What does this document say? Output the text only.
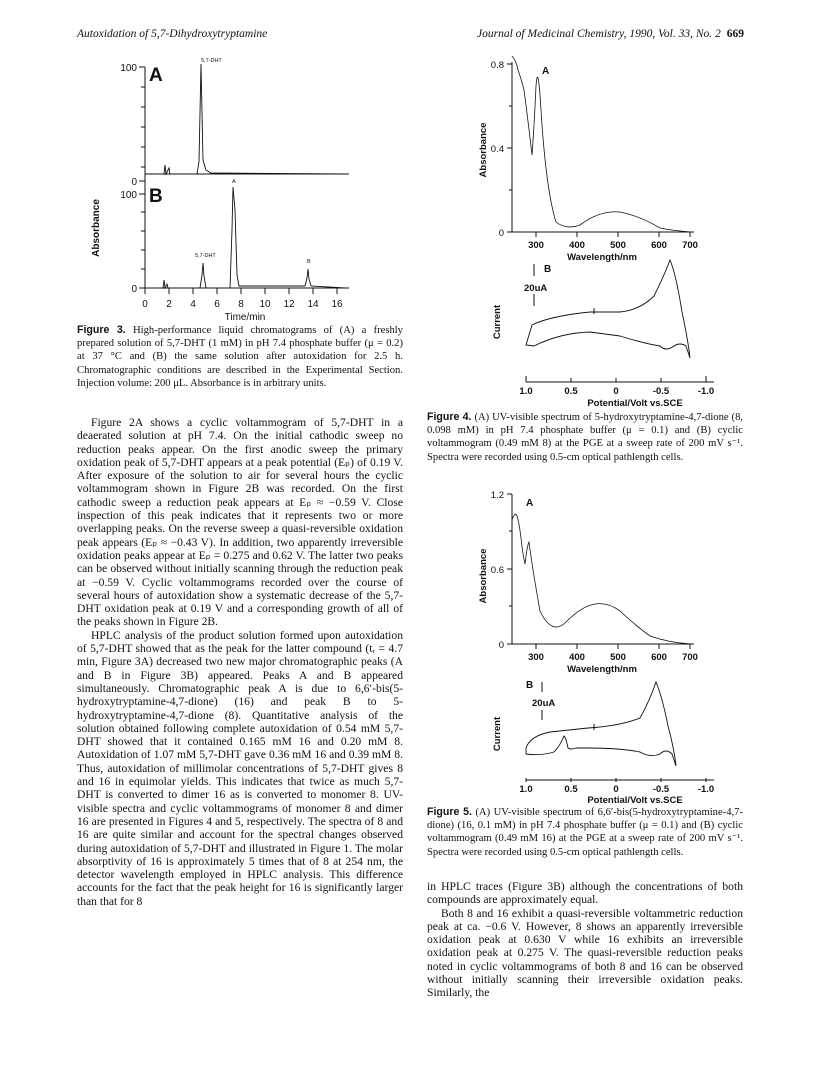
Autoxidation of 5,7-Dihydroxytryptamine	Journal of Medicinal Chemistry, 1990, Vol. 33, No. 2 669
Absorbance
100
0
A
5,7-DHT
100
0
B
5,7-DHT
A
B
0 2 4 6 8 10 12 14 16
Time/min
Figure 3. High-performance liquid chromatograms of (A) a freshly prepared solution of 5,7-DHT (1 mM) in pH 7.4 phosphate buffer (μ = 0.2) at 37 °C and (B) the same solution after autoxidation for 2.5 h. Chromatographic conditions are described in the Experimental Section. Injection volume: 200 μL. Absorbance is in arbitrary units.

Figure 2A shows a cyclic voltammogram of 5,7-DHT in a deaerated solution at pH 7.4. On the initial cathodic sweep no reduction peaks appear. On the first anodic sweep the primary oxidation peak of 5,7-DHT appears at a peak potential (Eₚ) of 0.19 V. After exposure of the solution to air for several hours the cyclic voltammogram shown in Figure 2B was recorded. On the first cathodic sweep a reduction peak appears at Eₚ ≈ −0.59 V. Close inspection of this peak indicates that it represents two or more overlapping peaks. On the reverse sweep a quasi-reversible oxidation peak appears (Eₚ ≈ −0.43 V). In addition, two apparently irreversible oxidation peaks appear at Eₚ = 0.275 and 0.62 V. The latter two peaks can be observed without initially scanning through the reduction peak at −0.59 V. Cyclic voltammograms recorded over the course of several hours of autoxidation show a systematic decrease of the 5,7-DHT oxidation peak at 0.19 V and a corresponding growth of all of the peaks shown in Figure 2B.

HPLC analysis of the product solution formed upon autoxidation of 5,7-DHT showed that as the peak for the latter compound (tᵣ = 4.7 min, Figure 3A) decreased two new major chromatographic peaks (A and B in Figure 3B) appeared. Peaks A and B appeared simultaneously. Chromatographic peak A is due to 6,6′-bis(5-hydroxytryptamine-4,7-dione) (16) and peak B to 5-hydroxytryptamine-4,7-dione (8). Quantitative analysis of the solution obtained following complete autoxidation of 0.54 mM 5,7-DHT showed that it contained 0.165 mM 16 and 0.20 mM 8. Autoxidation of 1.07 mM 5,7-DHT gave 0.36 mM 16 and 0.39 mM 8. Thus, autoxidation of millimolar concentrations of 5,7-DHT gives 8 and 16 in equimolar yields. This indicates that twice as much 5,7-DHT is converted to dimer 16 as is converted to monomer 8. UV-visible spectra and cyclic voltammograms of monomer 8 and dimer 16 are presented in Figures 4 and 5, respectively. The spectra of 8 and 16 are quite similar and account for the spectral changes observed during autoxidation of 5,7-DHT and illustrated in Figure 1. The molar absorptivity of 16 is approximately 5 times that of 8 at 254 nm, the detector wavelength employed in HPLC analysis. This difference accounts for the fact that the peak height for 16 is significantly larger than that for 8

Absorbance
0.8
0.4
0
A
300	400	500	600 700
Wavelength/nm
B
20uA
Current
1.0	0.5	0	-0.5	-1.0
Potential/Volt vs.SCE
Figure 4. (A) UV-visible spectrum of 5-hydroxytryptamine-4,7-dione (8, 0.098 mM) in pH 7.4 phosphate buffer (μ = 0.1) and (B) cyclic voltammogram (0.49 mM 8) at the PGE at a sweep rate of 200 mV s⁻¹. Spectra were recorded using 0.5-cm optical pathlength cells.
Absorbance
1.2
0.6
0
A
300	400	500	600 700
Wavelength/nm
B
20uA
Current
1.0	0.5	0	-0.5	-1.0
Potential/Volt vs.SCE
Figure 5. (A) UV-visible spectrum of 6,6′-bis(5-hydroxytryptamine-4,7-dione) (16, 0.1 mM) in pH 7.4 phosphate buffer (μ = 0.1) and (B) cyclic voltammogram (0.49 mM 16) at the PGE at a sweep rate of 200 mV s⁻¹. Spectra were recorded using 0.5-cm optical pathlength cells.

in HPLC traces (Figure 3B) although the concentrations of both compounds are approximately equal.

Both 8 and 16 exhibit a quasi-reversible voltammetric reduction peak at ca. −0.6 V. However, 8 shows an apparently irreversible oxidation peak at 0.630 V while 16 exhibits an irreversible oxidation peak at 0.275 V. The quasi-reversible reduction peaks noted in cyclic voltammograms of both 8 and 16 can be observed without initially scanning their irreversible oxidation peaks. Similarly, the
